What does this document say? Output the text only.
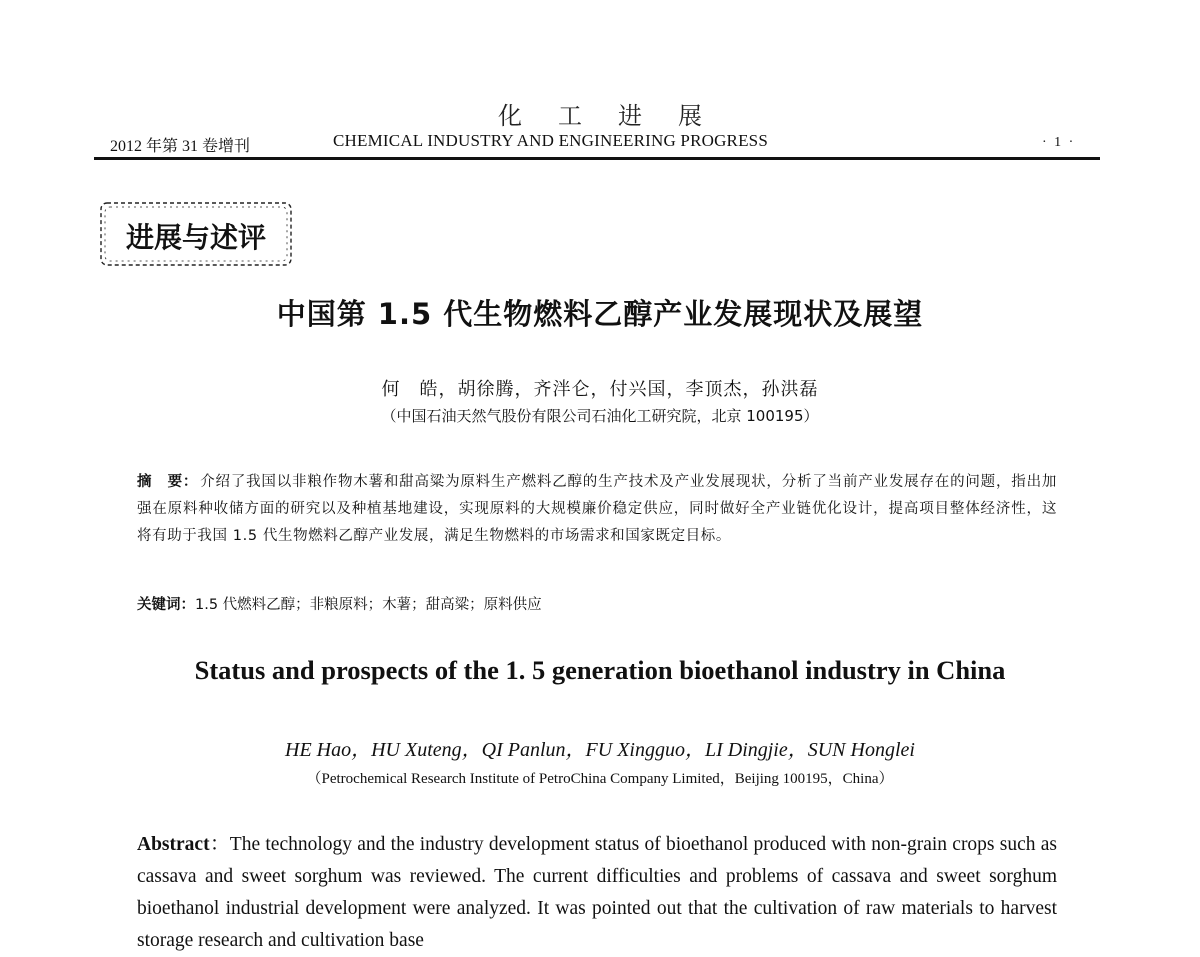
化工进展
2012 年第 31 卷增刊	CHEMICAL INDUSTRY AND ENGINEERING PROGRESS	· 1 ·
进展与述评
中国第 1.5 代生物燃料乙醇产业发展现状及展望
何　皓，胡徐腾，齐泮仑，付兴国，李顶杰，孙洪磊
（中国石油天然气股份有限公司石油化工研究院，北京 100195）
摘　要： 介绍了我国以非粮作物木薯和甜高粱为原料生产燃料乙醇的生产技术及产业发展现状，分析了当前产业发展存在的问题，指出加强在原料种收储方面的研究以及种植基地建设，实现原料的大规模廉价稳定供应，同时做好全产业链优化设计，提高项目整体经济性，这将有助于我国 1.5 代生物燃料乙醇产业发展，满足生物燃料的市场需求和国家既定目标。
关键词：1.5 代燃料乙醇；非粮原料；木薯；甜高粱；原料供应
Status and prospects of the 1. 5 generation bioethanol industry in China
HE Hao，HU Xuteng，QI Panlun，FU Xingguo，LI Dingjie，SUN Honglei
（Petrochemical Research Institute of PetroChina Company Limited，Beijing 100195，China）
Abstract：The technology and the industry development status of bioethanol produced with non-grain crops such as cassava and sweet sorghum was reviewed. The current difficulties and problems of cassava and sweet sorghum bioethanol industrial development were analyzed. It was pointed out that the cultivation of raw materials to harvest storage research and cultivation base
